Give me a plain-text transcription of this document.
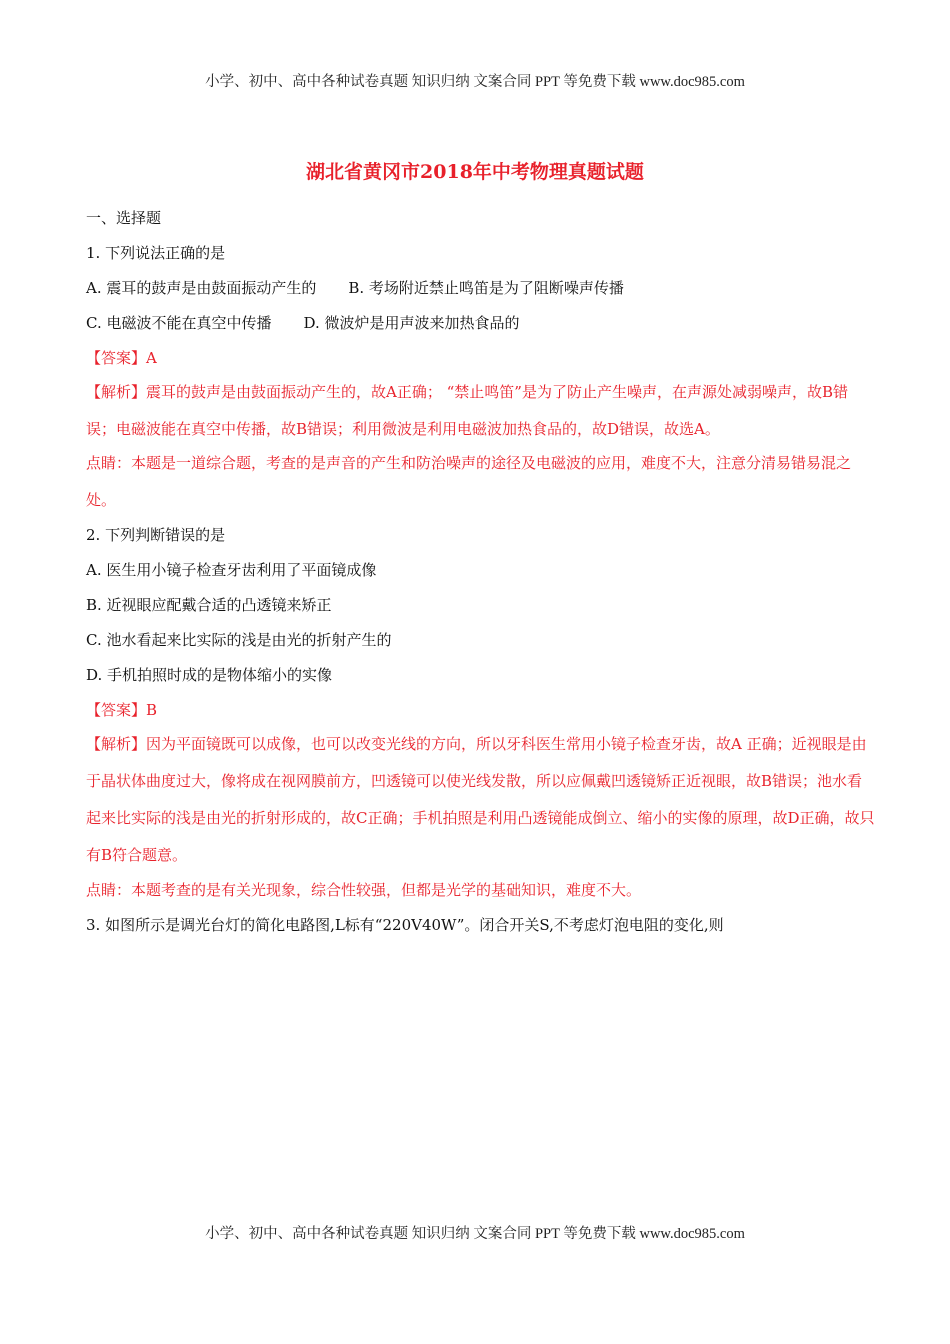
小学、初中、高中各种试卷真题 知识归纳 文案合同 PPT 等免费下载 www.doc985.com
湖北省黄冈市2018年中考物理真题试题
一、选择题
1. 下列说法正确的是
A. 震耳的鼓声是由鼓面振动产生的 B. 考场附近禁止鸣笛是为了阻断噪声传播
C. 电磁波不能在真空中传播 D. 微波炉是用声波来加热食品的
【答案】A
【解析】震耳的鼓声是由鼓面振动产生的，故A正确； “禁止鸣笛”是为了防止产生噪声，在声源处减弱噪声，故B错误；电磁波能在真空中传播，故B错误；利用微波是利用电磁波加热食品的，故D错误，故选A。
点睛：本题是一道综合题，考查的是声音的产生和防治噪声的途径及电磁波的应用，难度不大，注意分清易错易混之处。
2. 下列判断错误的是
A. 医生用小镜子检查牙齿利用了平面镜成像
B. 近视眼应配戴合适的凸透镜来矫正
C. 池水看起来比实际的浅是由光的折射产生的
D. 手机拍照时成的是物体缩小的实像
【答案】B
【解析】因为平面镜既可以成像，也可以改变光线的方向，所以牙科医生常用小镜子检查牙齿，故A 正确；近视眼是由于晶状体曲度过大，像将成在视网膜前方，凹透镜可以使光线发散，所以应佩戴凹透镜矫正近视眼，故B错误；池水看起来比实际的浅是由光的折射形成的，故C正确；手机拍照是利用凸透镜能成倒立、缩小的实像的原理，故D正确，故只有B符合题意。
点睛：本题考查的是有关光现象，综合性较强，但都是光学的基础知识，难度不大。
3. 如图所示是调光台灯的简化电路图,L标有“220V40W”。闭合开关S,不考虑灯泡电阻的变化,则
小学、初中、高中各种试卷真题 知识归纳 文案合同 PPT 等免费下载 www.doc985.com
